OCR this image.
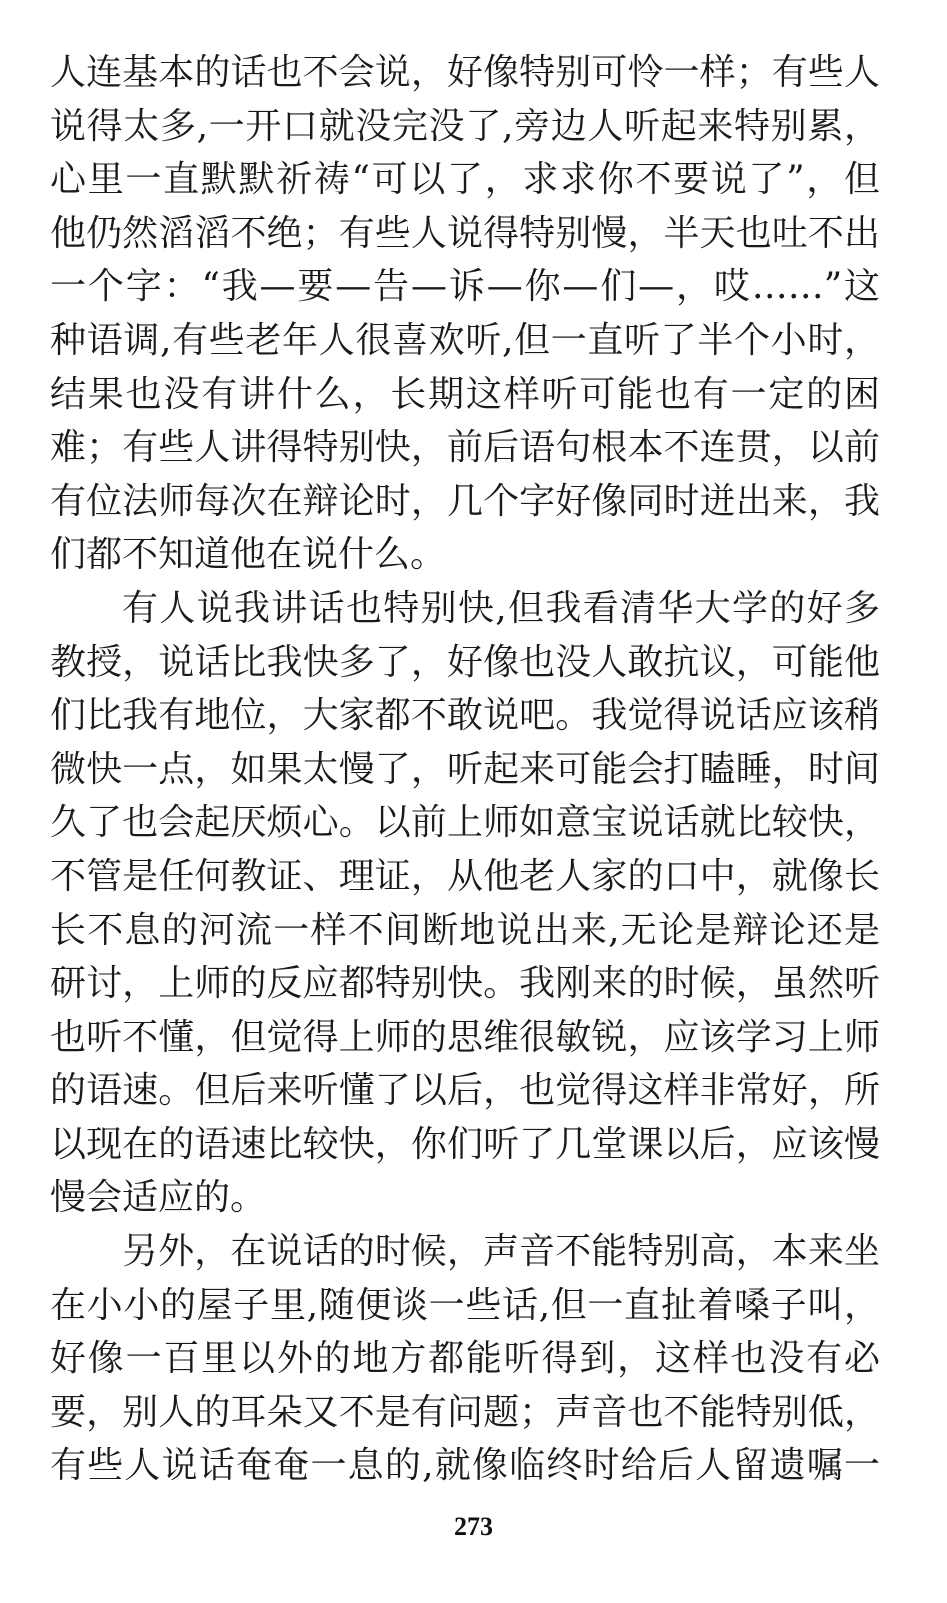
人连基本的话也不会说，好像特别可怜一样；有些人
说得太多,一开口就没完没了,旁边人听起来特别累，
心里一直默默祈祷“可以了，求求你不要说了”，但
他仍然滔滔不绝；有些人说得特别慢，半天也吐不出
一个字：“我—要—告—诉—你—们—，哎……”这
种语调,有些老年人很喜欢听,但一直听了半个小时，
结果也没有讲什么，长期这样听可能也有一定的困
难；有些人讲得特别快，前后语句根本不连贯，以前
有位法师每次在辩论时，几个字好像同时迸出来，我
们都不知道他在说什么。
有人说我讲话也特别快,但我看清华大学的好多
教授，说话比我快多了，好像也没人敢抗议，可能他
们比我有地位，大家都不敢说吧。我觉得说话应该稍
微快一点，如果太慢了，听起来可能会打瞌睡，时间
久了也会起厌烦心。以前上师如意宝说话就比较快，
不管是任何教证、理证，从他老人家的口中，就像长
长不息的河流一样不间断地说出来,无论是辩论还是
研讨，上师的反应都特别快。我刚来的时候，虽然听
也听不懂，但觉得上师的思维很敏锐，应该学习上师
的语速。但后来听懂了以后，也觉得这样非常好，所
以现在的语速比较快，你们听了几堂课以后，应该慢
慢会适应的。
另外，在说话的时候，声音不能特别高，本来坐
在小小的屋子里,随便谈一些话,但一直扯着嗓子叫，
好像一百里以外的地方都能听得到，这样也没有必
要，别人的耳朵又不是有问题；声音也不能特别低，
有些人说话奄奄一息的,就像临终时给后人留遗嘱一
273
